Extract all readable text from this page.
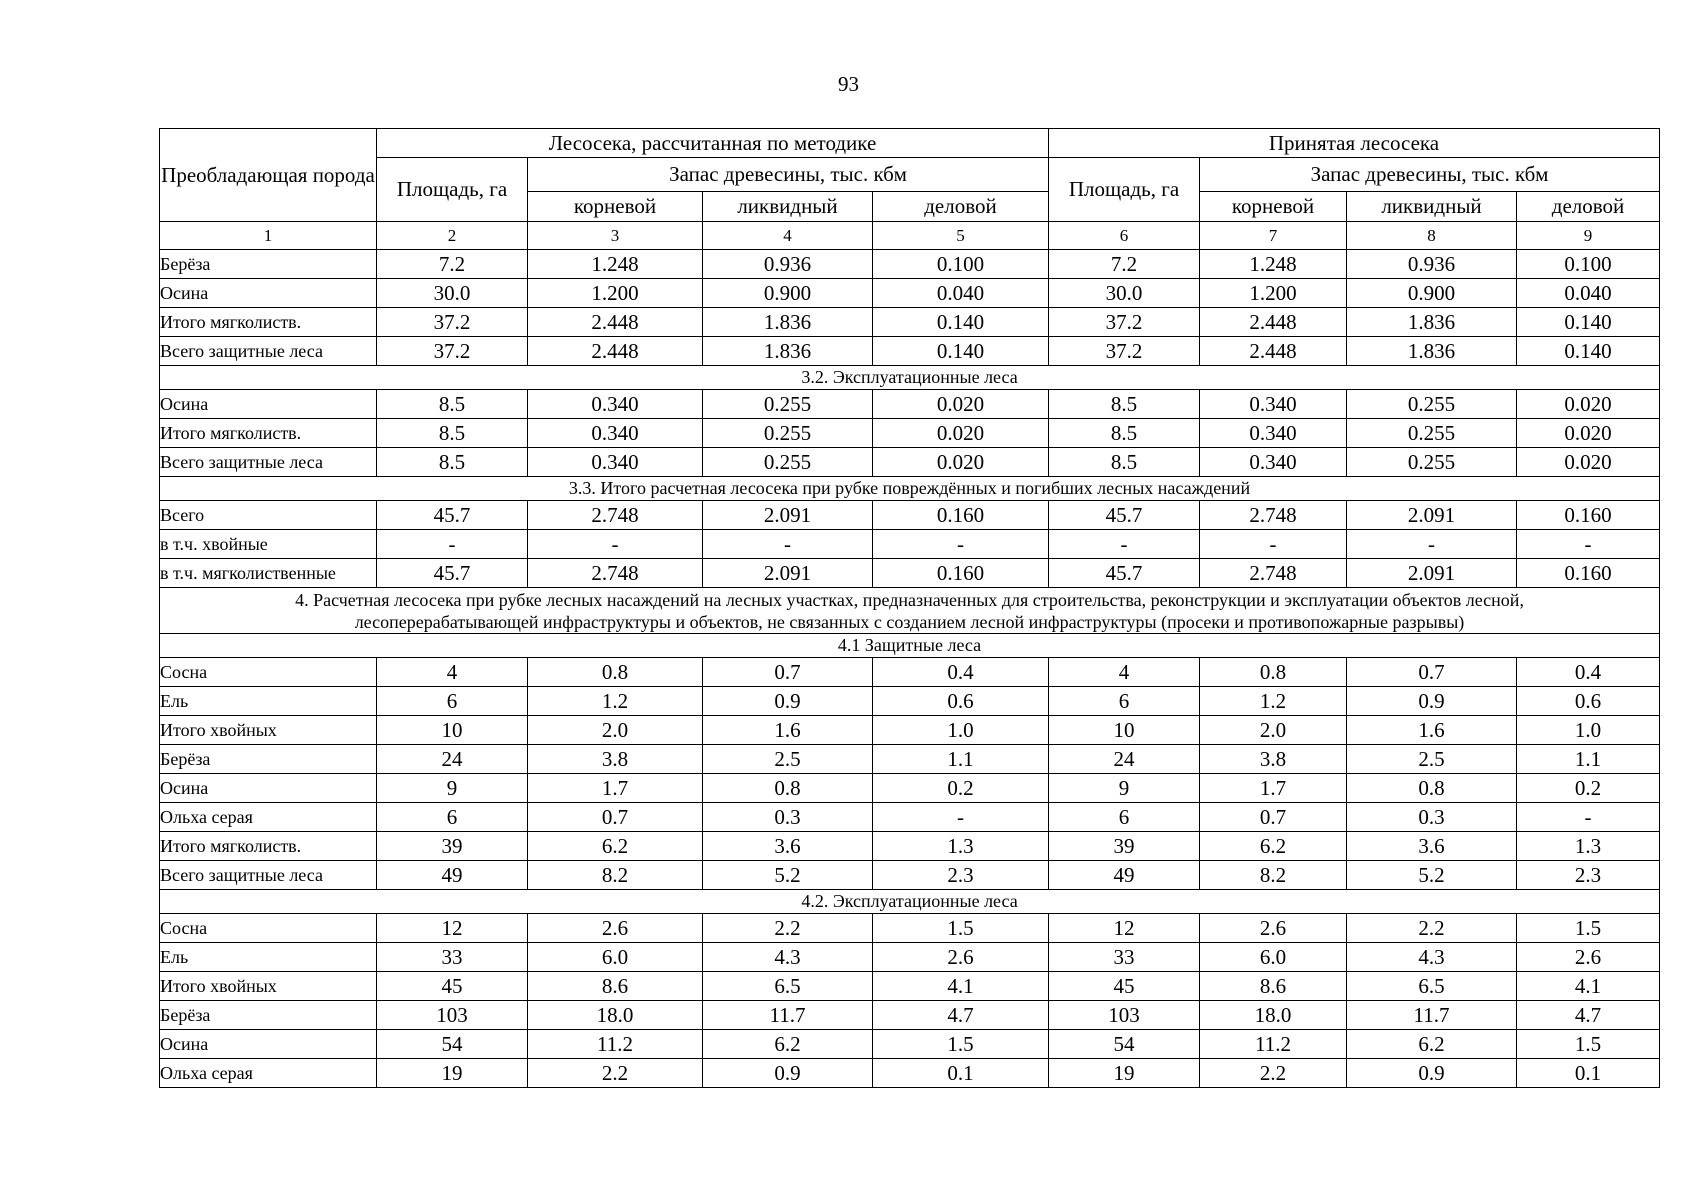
93
Преобладающая порода	Лесосека, рассчитанная по методике				Принятая лесосека			
	Площадь, га	Запас древесины, тыс. кбм			Площадь, га	Запас древесины, тыс. кбм		
		корневой	ликвидный	деловой		корневой	ликвидный	деловой
1	2	3	4	5	6	7	8	9
Берёза	7.2	1.248	0.936	0.100	7.2	1.248	0.936	0.100
Осина	30.0	1.200	0.900	0.040	30.0	1.200	0.900	0.040
Итого мягколиств.	37.2	2.448	1.836	0.140	37.2	2.448	1.836	0.140
Всего защитные леса	37.2	2.448	1.836	0.140	37.2	2.448	1.836	0.140
3.2. Эксплуатационные леса								
Осина	8.5	0.340	0.255	0.020	8.5	0.340	0.255	0.020
Итого мягколиств.	8.5	0.340	0.255	0.020	8.5	0.340	0.255	0.020
Всего защитные леса	8.5	0.340	0.255	0.020	8.5	0.340	0.255	0.020
3.3. Итого расчетная лесосека при рубке повреждённых и погибших лесных насаждений								
Всего	45.7	2.748	2.091	0.160	45.7	2.748	2.091	0.160
в т.ч. хвойные	-	-	-	-	-	-	-	-
в т.ч. мягколиственные	45.7	2.748	2.091	0.160	45.7	2.748	2.091	0.160

4. Расчетная лесосека при рубке лесных насаждений на лесных участках, предназначенных для строительства, реконструкции и эксплуатации объектов лесной,
лесоперерабатывающей инфраструктуры и объектов, не связанных с созданием лесной инфраструктуры (просеки и противопожарные разрывы)								

4.1 Защитные леса								
Сосна	4	0.8	0.7	0.4	4	0.8	0.7	0.4
Ель	6	1.2	0.9	0.6	6	1.2	0.9	0.6
Итого хвойных	10	2.0	1.6	1.0	10	2.0	1.6	1.0
Берёза	24	3.8	2.5	1.1	24	3.8	2.5	1.1
Осина	9	1.7	0.8	0.2	9	1.7	0.8	0.2
Ольха серая	6	0.7	0.3	-	6	0.7	0.3	-
Итого мягколиств.	39	6.2	3.6	1.3	39	6.2	3.6	1.3
Всего защитные леса	49	8.2	5.2	2.3	49	8.2	5.2	2.3
4.2. Эксплуатационные леса								
Сосна	12	2.6	2.2	1.5	12	2.6	2.2	1.5
Ель	33	6.0	4.3	2.6	33	6.0	4.3	2.6
Итого хвойных	45	8.6	6.5	4.1	45	8.6	6.5	4.1
Берёза	103	18.0	11.7	4.7	103	18.0	11.7	4.7
Осина	54	11.2	6.2	1.5	54	11.2	6.2	1.5
Ольха серая	19	2.2	0.9	0.1	19	2.2	0.9	0.1
